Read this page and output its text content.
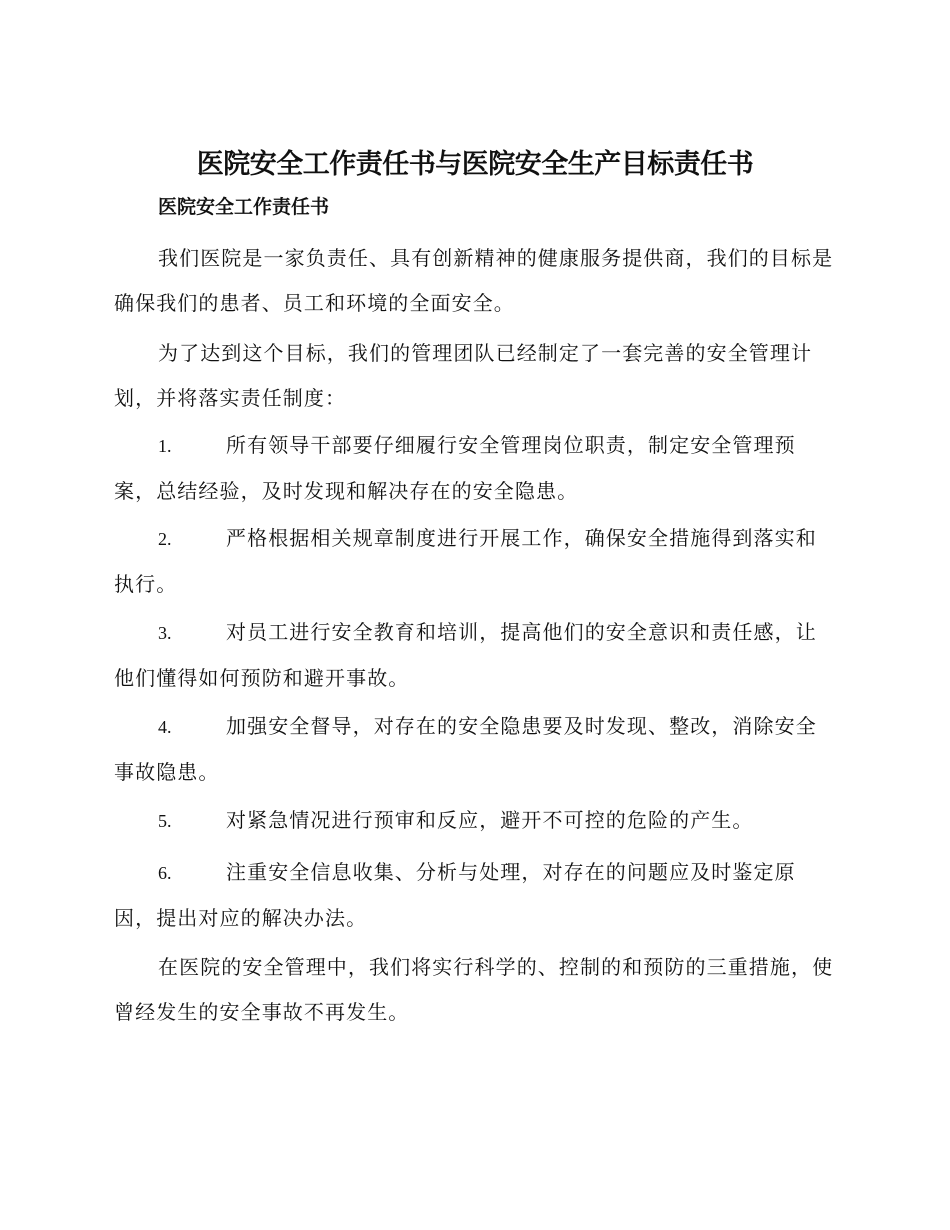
医院安全工作责任书与医院安全生产目标责任书
医院安全工作责任书

我们医院是一家负责任、具有创新精神的健康服务提供商，我们的目标是确保我们的患者、员工和环境的全面安全。

为了达到这个目标，我们的管理团队已经制定了一套完善的安全管理计划，并将落实责任制度：

1.	所有领导干部要仔细履行安全管理岗位职责，制定安全管理预案，总结经验，及时发现和解决存在的安全隐患。

2.	严格根据相关规章制度进行开展工作，确保安全措施得到落实和执行。

3.	对员工进行安全教育和培训，提高他们的安全意识和责任感，让他们懂得如何预防和避开事故。

4.	加强安全督导，对存在的安全隐患要及时发现、整改，消除安全事故隐患。

5.	对紧急情况进行预审和反应，避开不可控的危险的产生。

6.	注重安全信息收集、分析与处理，对存在的问题应及时鉴定原因，提出对应的解决办法。

在医院的安全管理中，我们将实行科学的、控制的和预防的三重措施，使曾经发生的安全事故不再发生。
